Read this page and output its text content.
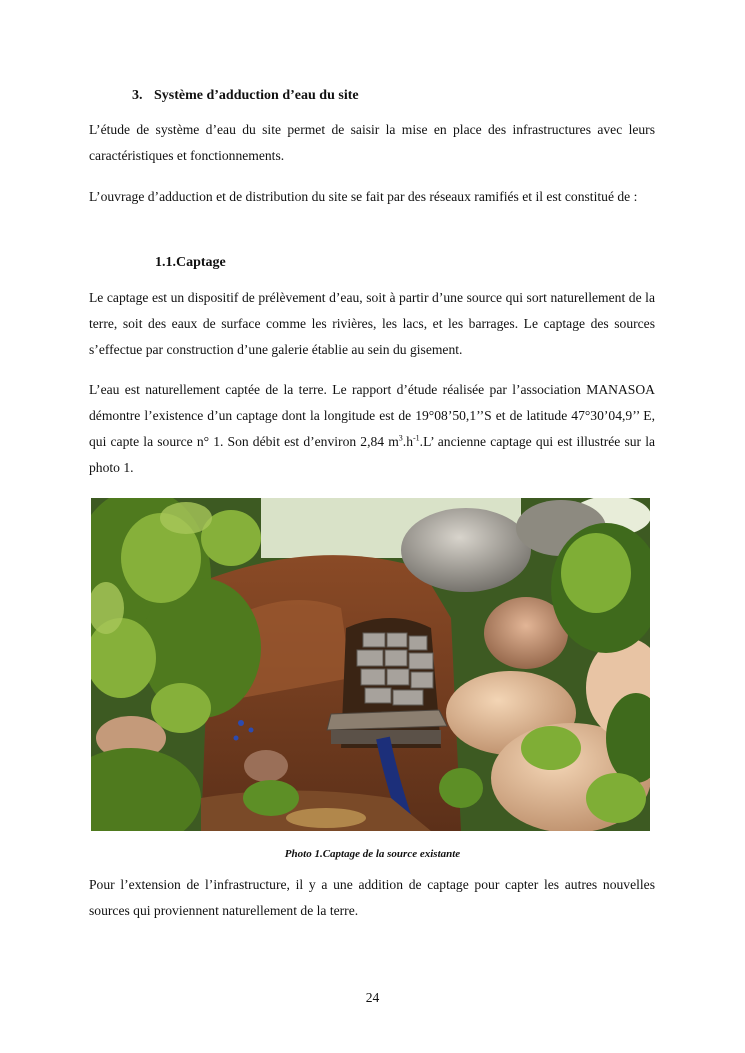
3. Système d’adduction d’eau du site

L’étude de système d’eau du site permet de saisir la mise en place des infrastructures avec leurs caractéristiques et fonctionnements.

L’ouvrage d’adduction et de distribution du site se fait par des réseaux ramifiés et il est constitué de :

1.1.Captage

Le captage est un dispositif de prélèvement d’eau, soit à partir d’une source qui sort naturellement de la terre, soit des eaux de surface comme les rivières, les lacs, et les barrages. Le captage des sources s’effectue par construction d’une galerie établie au sein du gisement.

L’eau est naturellement captée de la terre. Le rapport d’étude réalisée par l’association MANASOA démontre l’existence d’un captage dont la longitude est de 19°08’50,1’’S et de latitude 47°30’04,9’’ E, qui capte la source n° 1. Son débit est d’environ 2,84 $m^3.h^{-1}.L$’ ancienne captage qui est illustrée sur la photo 1.

Photo 1.Captage de la source existante

Pour l’extension de l’infrastructure, il y a une addition de captage pour capter les autres nouvelles sources qui proviennent naturellement de la terre.

24
